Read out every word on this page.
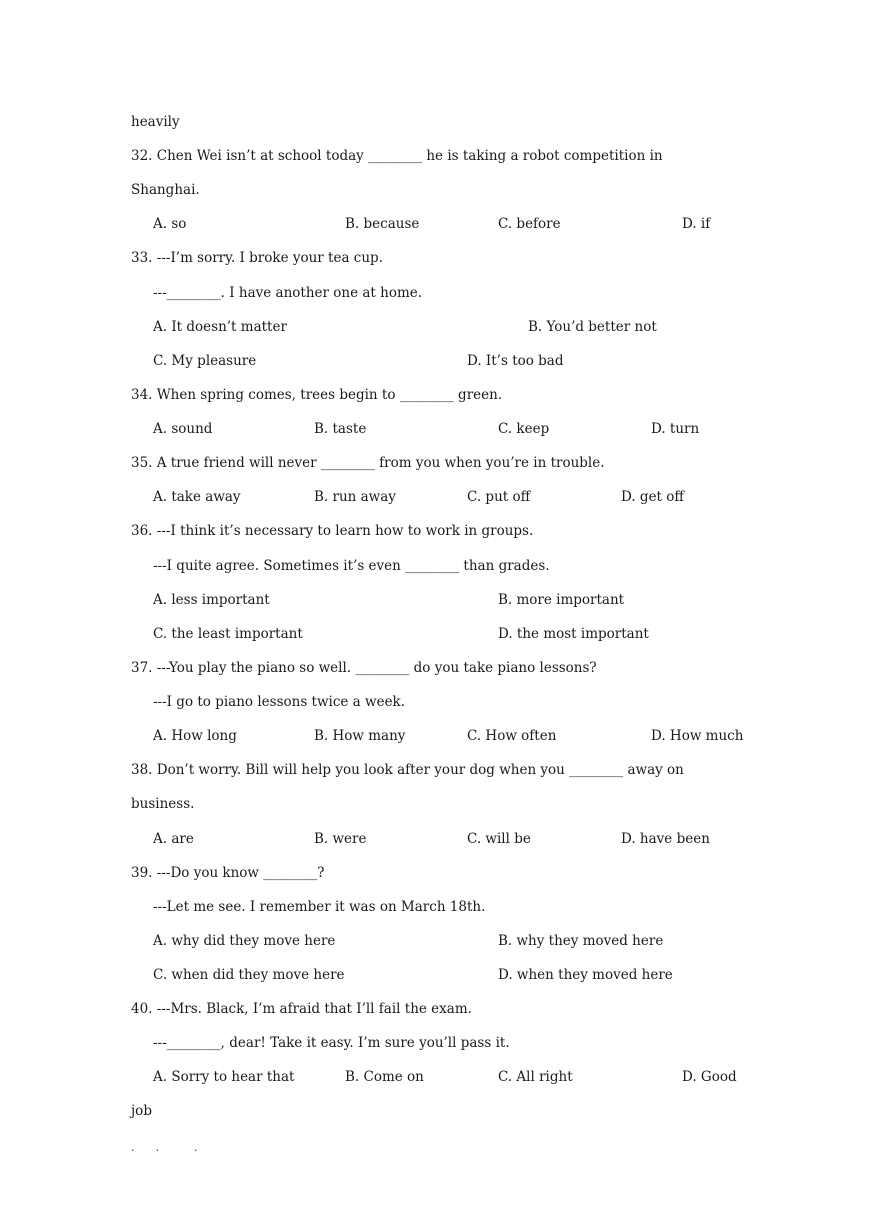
heavily
32. Chen Wei isn’t at school today ________ he is taking a robot competition in
Shanghai.
A. so	B. because	C. before	D. if
33. ---I’m sorry. I broke your tea cup.
---________. I have another one at home.
A. It doesn’t matter	B. You’d better not
C. My pleasure	D. It’s too bad
34. When spring comes, trees begin to ________ green.
A. sound	B. taste	C. keep	D. turn
35. A true friend will never ________ from you when you’re in trouble.
A. take away	B. run away	C. put off	D. get off
36. ---I think it’s necessary to learn how to work in groups.
---I quite agree. Sometimes it’s even ________ than grades.
A. less important	B. more important
C. the least important	D. the most important
37. ---You play the piano so well. ________ do you take piano lessons?
---I go to piano lessons twice a week.
A. How long	B. How many	C. How often	D. How much
38. Don’t worry. Bill will help you look after your dog when you ________ away on
business.
A. are	B. were	C. will be	D. have been
39. ---Do you know ________?
---Let me see. I remember it was on March 18th.
A. why did they move here	B. why they moved here
C. when did they move here	D. when they moved here
40. ---Mrs. Black, I’m afraid that I’ll fail the exam.
---________, dear! Take it easy. I’m sure you’ll pass it.
A. Sorry to hear that	B. Come on	C. All right	D. Good
job
.      .          .
